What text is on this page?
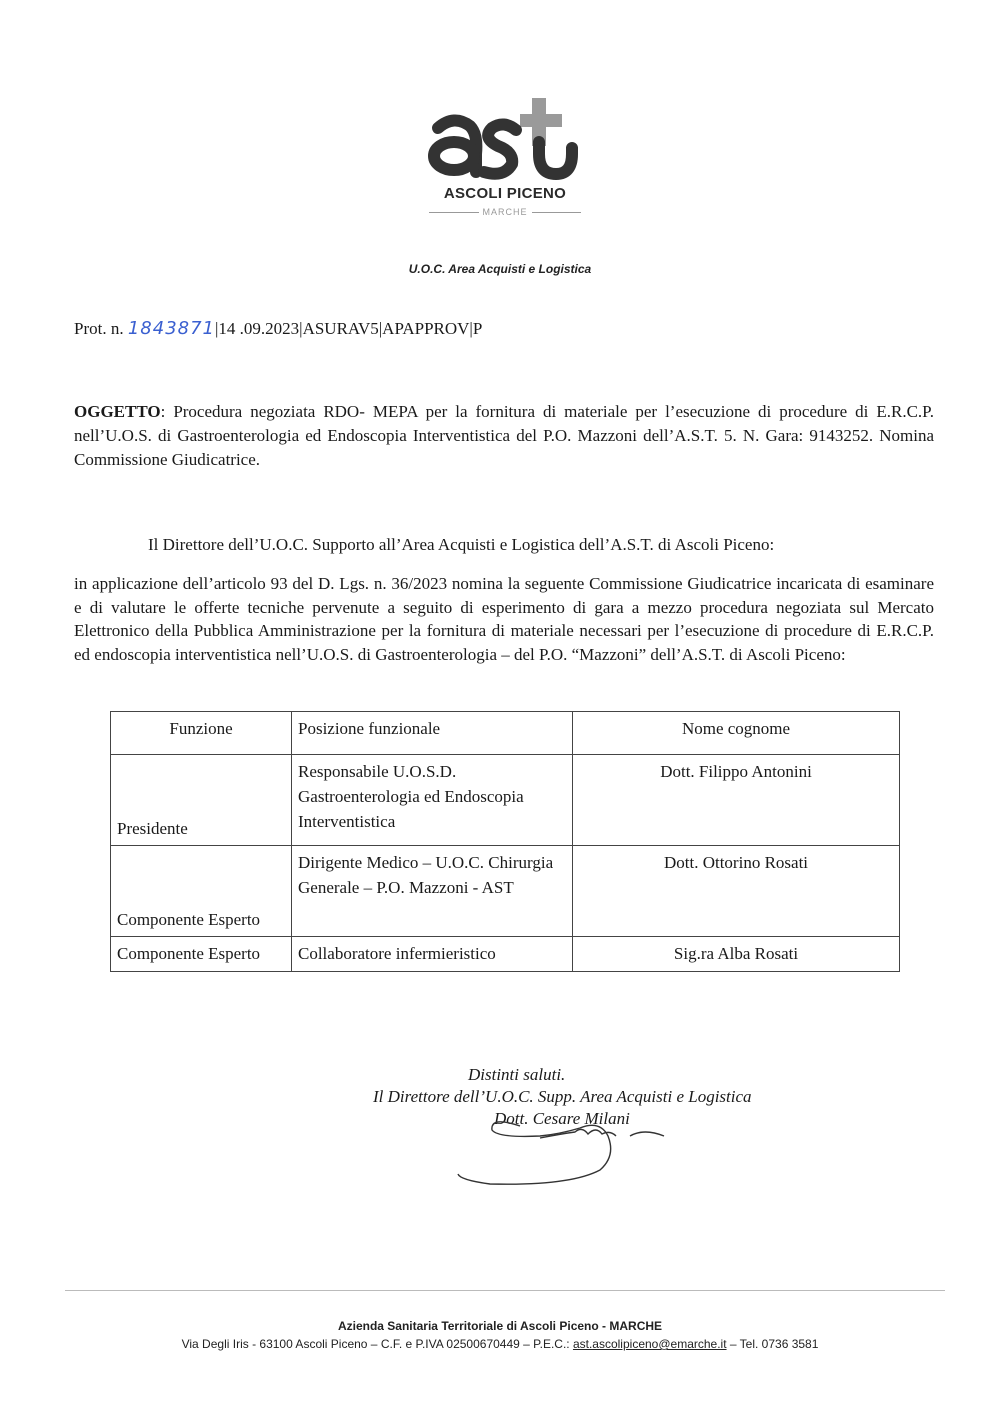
ASCOLI PICENO
MARCHE
U.O.C. Area Acquisti e Logistica
Prot. n. 1843871|14 .09.2023|ASURAV5|APAPPROV|P
OGGETTO: Procedura negoziata RDO- MEPA per la fornitura di materiale per l’esecuzione di procedure di E.R.C.P. nell’U.O.S. di Gastroenterologia ed Endoscopia Interventistica del P.O. Mazzoni dell’A.S.T. 5. N. Gara: 9143252. Nomina Commissione Giudicatrice.
Il Direttore dell’U.O.C. Supporto all’Area Acquisti e Logistica dell’A.S.T. di Ascoli Piceno:
in applicazione dell’articolo 93 del D. Lgs. n. 36/2023 nomina la seguente Commissione Giudicatrice incaricata di esaminare e di valutare le offerte tecniche pervenute a seguito di esperimento di gara a mezzo procedura negoziata sul Mercato Elettronico della Pubblica Amministrazione per la fornitura di materiale necessari per l’esecuzione di procedure di E.R.C.P. ed endoscopia interventistica nell’U.O.S. di Gastroenterologia – del P.O. “Mazzoni” dell’A.S.T. di Ascoli Piceno:
Funzione	Posizione funzionale	Nome cognome
Presidente	Responsabile U.O.S.D. Gastroenterologia ed Endoscopia Interventistica	Dott. Filippo Antonini
Componente Esperto	Dirigente Medico – U.O.C. Chirurgia Generale – P.O. Mazzoni - AST	Dott. Ottorino Rosati
Componente Esperto	Collaboratore infermieristico	Sig.ra Alba Rosati
Distinti saluti.
Il Direttore dell’U.O.C. Supp. Area Acquisti e Logistica
Dott. Cesare Milani
Azienda Sanitaria Territoriale di Ascoli Piceno - MARCHE
Via Degli Iris - 63100 Ascoli Piceno – C.F. e P.IVA 02500670449 – P.E.C.: ast.ascolipiceno@emarche.it – Tel. 0736 3581
